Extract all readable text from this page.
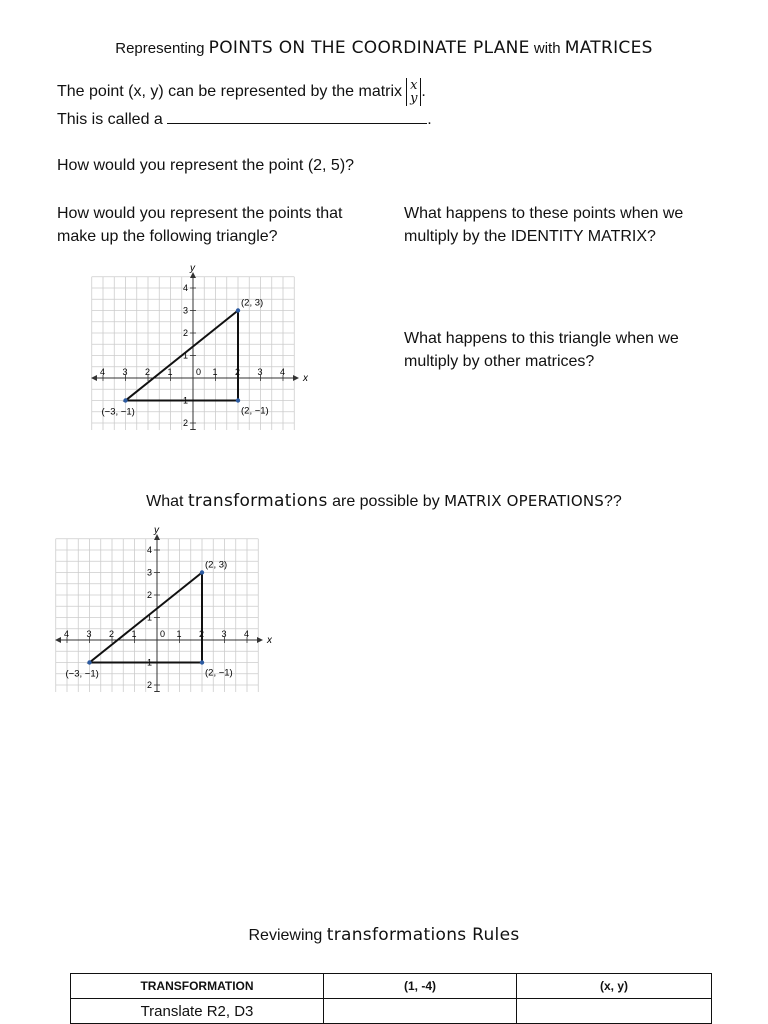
Representing POINTS ON THE COORDINATE PLANE with MATRICES
The point (x, y) can be represented by the matrix x
y .
This is called a	.
How would you represent the point (2, 5)?
How would you represent the points that make up the following triangle?
What happens to these points when we multiply by the IDENTITY MATRIX?
What happens to this triangle when we multiply by other matrices?
x
y
4 3 2 1	0 1 2 3 4
4
3
2
1
1
2
(2, 3)
(−3, −1)	(2, −1)
What transformations are possible by MATRIX OPERATIONS??
x
y
4 3 2 1	0 1 2 3 4
4
3
2
1
1
2
(2, 3)
(−3, −1)	(2, −1)
Reviewing transformations Rules
TRANSFORMATION	(1, -4)	(x, y)
Translate R2, D3		
